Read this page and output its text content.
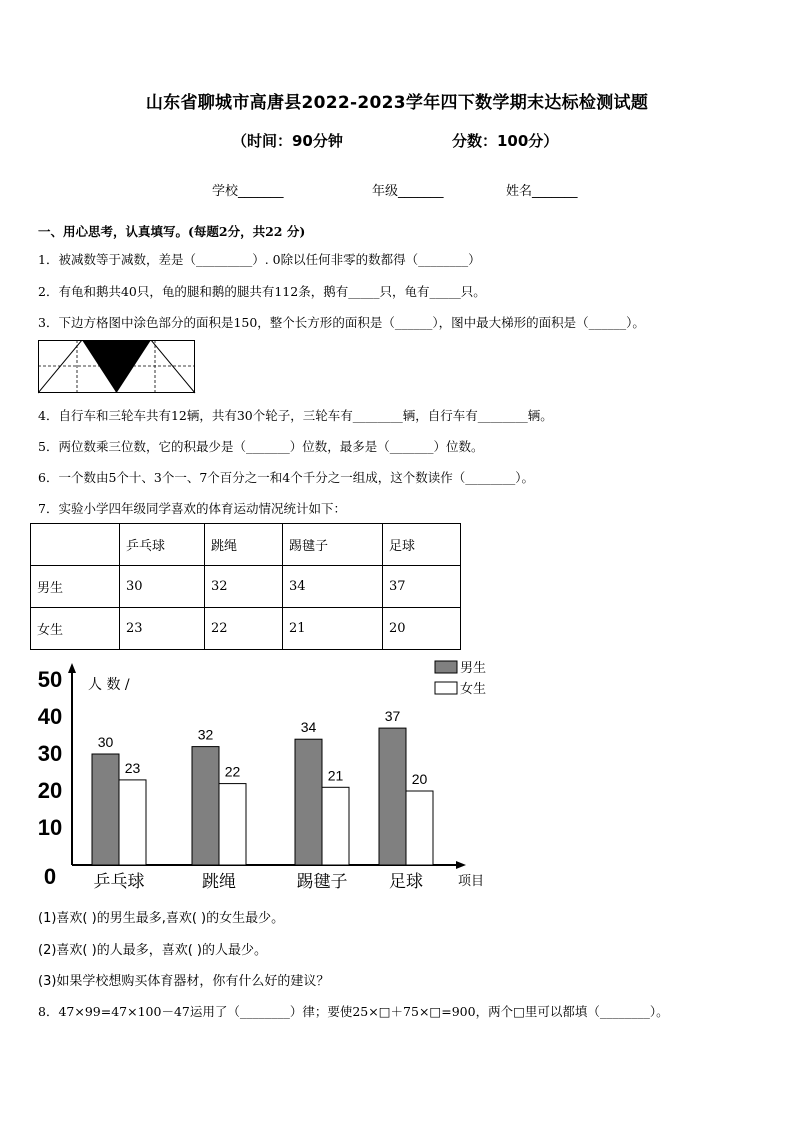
山东省聊城市高唐县2022-2023学年四下数学期末达标检测试题
（时间：90分钟	分数：100分）
学校_______	年级_______	姓名_______
一、用心思考，认真填写。(每题2分，共22 分)
1．被减数等于减数，差是（_________）. 0除以任何非零的数都得（________）
2．有龟和鹅共40只，龟的腿和鹅的腿共有112条，鹅有_____只，龟有_____只。
3．下边方格图中涂色部分的面积是150，整个长方形的面积是（______），图中最大梯形的面积是（______）。
4．自行车和三轮车共有12辆，共有30个轮子，三轮车有________辆，自行车有________辆。
5．两位数乘三位数，它的积最少是（_______）位数，最多是（_______）位数。
6．一个数由5个十、3个一、7个百分之一和4个千分之一组成，这个数读作（________）。
7．实验小学四年级同学喜欢的体育运动情况统计如下：
	乒乓球	跳绳	踢毽子	足球
男生	30	32	34	37
女生	23	22	21	20
0
10
20
30
40
50 人 数 /
项目
30
23
乒乓球
32
22
跳绳
34
21
踢毽子
37
20
足球
男生
女生
(1)喜欢( )的男生最多,喜欢( )的女生最少。
(2)喜欢( )的人最多，喜欢( )的人最少。
(3)如果学校想购买体育器材，你有什么好的建议？
8．47×99=47×100－47运用了（________）律；要使25×□＋75×□=900，两个□里可以都填（________）。
